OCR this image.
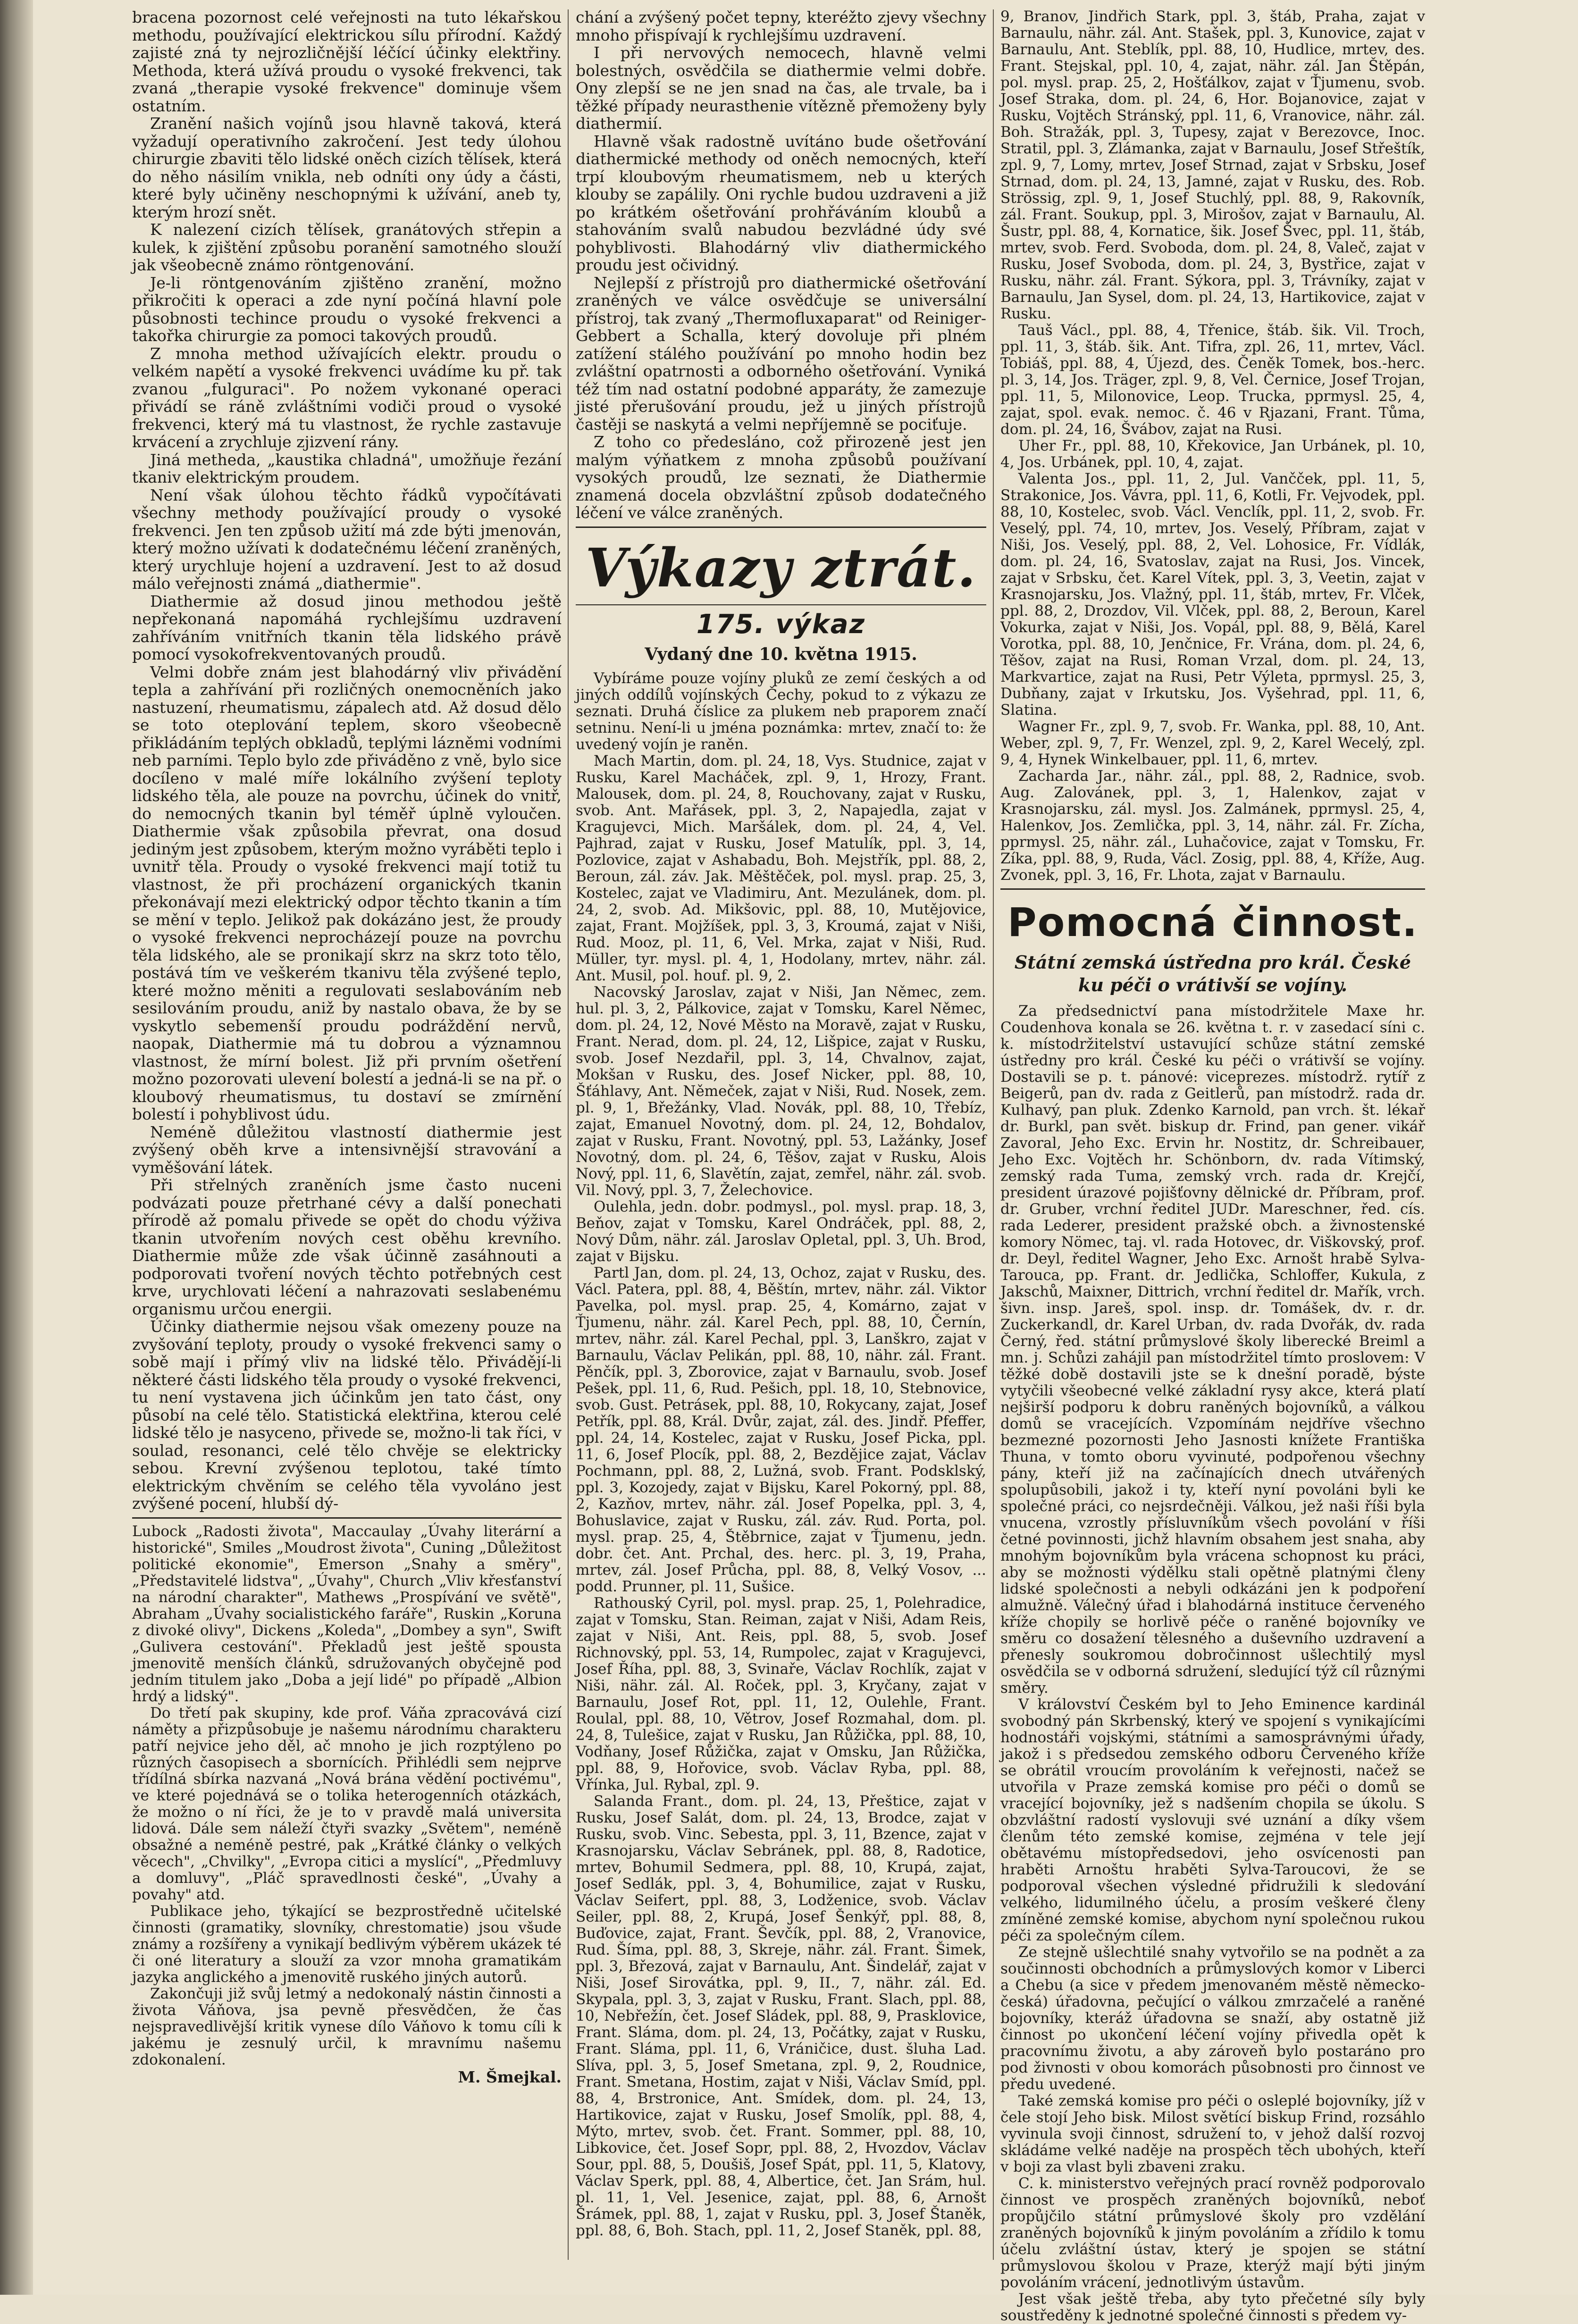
bracena pozornost celé veřejnosti na tuto lékařskou methodu, používající elektrickou sílu přírodní. Každý zajisté zná ty nejrozličnější léčící účinky elektřiny. Methoda, která užívá proudu o vysoké frekvenci, tak zvaná „therapie vysoké frekvence" dominuje všem ostatním.

Zranění našich vojínů jsou hlavně taková, která vyžadují operativního zakročení. Jest tedy úlohou chirurgie zbaviti tělo lidské oněch cizích tělísek, která do něho násilím vnikla, neb odníti ony údy a části, které byly učiněny neschopnými k užívání, aneb ty, kterým hrozí snět.

K nalezení cizích tělísek, granátových střepin a kulek, k zjištění způsobu poranění samotného slouží jak všeobecně známo röntgenování.

Je-li röntgenováním zjištěno zranění, možno přikročiti k operaci a zde nyní počíná hlavní pole působnosti techince proudu o vysoké frekvenci a takořka chirurgie za pomoci takových proudů.

Z mnoha method užívajících elektr. proudu o velkém napětí a vysoké frekvenci uvádíme ku př. tak zvanou „fulguraci". Po nožem vykonané operaci přivádí se ráně zvláštními vodiči proud o vysoké frekvenci, který má tu vlastnost, že rychle zastavuje krvácení a zrychluje zjizvení rány.

Jiná metheda, „kaustika chladná", umožňuje řezání tkaniv elektrickým proudem.

Není však úlohou těchto řádků vypočítávati všechny methody používající proudy o vysoké frekvenci. Jen ten způsob užití má zde býti jmenován, který možno užívati k dodatečnému léčení zraněných, který urychluje hojení a uzdravení. Jest to až dosud málo veřejnosti známá „diathermie".

Diathermie až dosud jinou methodou ještě nepřekonaná napomáhá rychlejšímu uzdravení zahříváním vnitřních tkanin těla lidského právě pomocí vysokofrekventovaných proudů.

Velmi dobře znám jest blahodárný vliv přivádění tepla a zahřívání při rozličných onemocněních jako nastuzení, rheumatismu, zápalech atd. Až dosud dělo se toto oteplování teplem, skoro všeobecně přikládáním teplých obkladů, teplými lázněmi vodními neb parními. Teplo bylo zde přiváděno z vně, bylo sice docíleno v malé míře lokálního zvýšení teploty lidského těla, ale pouze na povrchu, účinek do vnitř, do nemocných tkanin byl téměř úplně vyloučen. Diathermie však způsobila převrat, ona dosud jediným jest způsobem, kterým možno vyráběti teplo i uvnitř těla. Proudy o vysoké frekvenci mají totiž tu vlastnost, že při procházení organických tkanin překonávají mezi elektrický odpor těchto tkanin a tím se mění v teplo. Jelikož pak dokázáno jest, že proudy o vysoké frekvenci neprocházejí pouze na povrchu těla lidského, ale se pronikají skrz na skrz toto tělo, postává tím ve veškerém tkanivu těla zvýšené teplo, které možno měniti a regulovati seslabováním neb sesilováním proudu, aniž by nastalo obava, že by se vyskytlo sebemenší proudu podráždění nervů, naopak, Diathermie má tu dobrou a významnou vlastnost, že mírní bolest. Již při prvním ošetření možno pozorovati ulevení bolestí a jedná-li se na př. o kloubový rheumatismus, tu dostaví se zmírnění bolestí i pohyblivost údu.

Neméně důležitou vlastností diathermie jest zvýšený oběh krve a intensivnější stravování a vyměšování látek.

Při střelných zraněních jsme často nuceni podvázati pouze přetrhané cévy a další ponechati přírodě až pomalu přivede se opět do chodu výživa tkanin utvořením nových cest oběhu krevního. Diathermie může zde však účinně zasáhnouti a podporovati tvoření nových těchto potřebných cest krve, urychlovati léčení a nahrazovati seslabenému organismu určou energii.

Účinky diathermie nejsou však omezeny pouze na zvyšování teploty, proudy o vysoké frekvenci samy o sobě mají i přímý vliv na lidské tělo. Přivádějí-li některé části lidského těla proudy o vysoké frekvenci, tu není vystavena jich účinkům jen tato část, ony působí na celé tělo. Statistická elektřina, kterou celé lidské tělo je nasyceno, přivede se, možno-li tak říci, v soulad, resonanci, celé tělo chvěje se elektricky sebou. Krevní zvýšenou teplotou, také tímto elektrickým chvěním se celého těla vyvoláno jest zvýšené pocení, hlubší dý-

Lubock „Radosti života", Maccaulay „Úvahy literární a historické", Smiles „Moudrost života", Cuning „Důležitost politické ekonomie", Emerson „Snahy a směry", „Představitelé lidstva", „Úvahy", Church „Vliv křesťanství na národní charakter", Mathews „Prospívání ve světě", Abraham „Úvahy socialistického faráře", Ruskin „Koruna z divoké olivy", Dickens „Koleda", „Dombey a syn", Swift „Gulivera cestování". Překladů jest ještě spousta jmenovitě menších článků, sdružovaných obyčejně pod jedním titulem jako „Doba a její lidé" po případě „Albion hrdý a lidský".

Do třetí pak skupiny, kde prof. Váňa zpracovává cizí náměty a přizpůsobuje je našemu národnímu charakteru patří nejvice jeho děl, ač mnoho je jich rozptýleno po různých časopisech a sbornících. Přihlédli sem nejprve třídílná sbírka nazvaná „Nová brána vědění poctivému", ve které pojednává se o tolika heterogenních otázkách, že možno o ní říci, že je to v pravdě malá universita lidová. Dále sem náleží čtyři svazky „Světem", neméně obsažné a neméně pestré, pak „Krátké články o velkých věcech", „Chvilky", „Evropa citici a myslící", „Předmluvy a domluvy", „Pláč spravedlnosti české", „Úvahy a povahy" atd.

Publikace jeho, týkající se bezprostředně učitelské činnosti (gramatiky, slovníky, chrestomatie) jsou všude známy a rozšířeny a vynikají bedlivým výběrem ukázek té či oné literatury a slouží za vzor mnoha gramatikám jazyka anglického a jmenovitě ruského jiných autorů.

Zakončuji již svůj letmý a nedokonalý nástin činnosti a života Váňova, jsa pevně přesvědčen, že čas nejspravedlivější kritik vynese dílo Váňovo k tomu cíli k jakému je zesnulý určil, k mravnímu našemu zdokonalení.

M. Šmejkal.

chání a zvýšený počet tepny, kteréžto zjevy všechny mnoho přispívají k rychlejšímu uzdravení.

I při nervových nemocech, hlavně velmi bolestných, osvědčila se diathermie velmi dobře. Ony zlepší se ne jen snad na čas, ale trvale, ba i těžké případy neurasthenie vítězně přemoženy byly diathermií.

Hlavně však radostně uvítáno bude ošetřování diathermické methody od oněch nemocných, kteří trpí kloubovým rheumatismem, neb u kterých klouby se zapálily. Oni rychle budou uzdraveni a již po krátkém ošetřování prohřáváním kloubů a stahováním svalů nabudou bezvládné údy své pohyblivosti. Blahodárný vliv diathermického proudu jest očividný.

Nejlepší z přístrojů pro diathermické ošetřování zraněných ve válce osvědčuje se universální přístroj, tak zvaný „Thermofluxaparat" od Reiniger-Gebbert a Schalla, který dovoluje při plném zatížení stálého používání po mnoho hodin bez zvláštní opatrnosti a odborného ošetřování. Vyniká též tím nad ostatní podobné apparáty, že zamezuje jisté přerušování proudu, jež u jiných přístrojů častěji se naskytá a velmi nepříjemně se pociťuje.

Z toho co předesláno, což přirozeně jest jen malým výňatkem z mnoha způsobů používaní vysokých proudů, lze seznati, že Diathermie znamená docela obzvláštní způsob dodatečného léčení ve válce zraněných.

Výkazy ztrát.
175. výkaz
Vydaný dne 10. května 1915.

Vybíráme pouze vojíny pluků ze zemí českých a od jiných oddílů vojínských Čechy, pokud to z výkazu ze seznati. Druhá číslice za plukem neb praporem značí setninu. Není-li u jména poznámka: mrtev, značí to: že uvedený vojín je raněn.

Mach Martin, dom. pl. 24, 18, Vys. Studnice, zajat v Rusku, Karel Macháček, zpl. 9, 1, Hrozy, Frant. Malousek, dom. pl. 24, 8, Rouchovany, zajat v Rusku, svob. Ant. Mařásek, ppl. 3, 2, Napajedla, zajat v Kragujevci, Mich. Maršálek, dom. pl. 24, 4, Vel. Pajhrad, zajat v Rusku, Josef Matulík, ppl. 3, 14, Pozlovice, zajat v Ashabadu, Boh. Mejstřík, ppl. 88, 2, Beroun, zál. záv. Jak. Měštěček, pol. mysl. prap. 25, 3, Kostelec, zajat ve Vladimiru, Ant. Mezulánek, dom. pl. 24, 2, svob. Ad. Mikšovic, ppl. 88, 10, Mutějovice, zajat, Frant. Mojžíšek, ppl. 3, 3, Kroumá, zajat v Niši, Rud. Mooz, pl. 11, 6, Vel. Mrka, zajat v Niši, Rud. Müller, tyr. mysl. pl. 4, 1, Hodolany, mrtev, nähr. zál. Ant. Musil, pol. houf. pl. 9, 2.

Nacovský Jaroslav, zajat v Niši, Jan Němec, zem. hul. pl. 3, 2, Pálkovice, zajat v Tomsku, Karel Němec, dom. pl. 24, 12, Nové Město na Moravě, zajat v Rusku, Frant. Nerad, dom. pl. 24, 12, Lišpice, zajat v Rusku, svob. Josef Nezdařil, ppl. 3, 14, Chvalnov, zajat, Mokšan v Rusku, des. Josef Nicker, ppl. 88, 10, Šťáhlavy, Ant. Němeček, zajat v Niši, Rud. Nosek, zem. pl. 9, 1, Břežánky, Vlad. Novák, ppl. 88, 10, Třebíz, zajat, Emanuel Novotný, dom. pl. 24, 12, Bohdalov, zajat v Rusku, Frant. Novotný, ppl. 53, Lažánky, Josef Novotný, dom. pl. 24, 6, Těšov, zajat v Rusku, Alois Nový, ppl. 11, 6, Slavětín, zajat, zemřel, nähr. zál. svob. Vil. Nový, ppl. 3, 7, Želechovice.

Oulehla, jedn. dobr. podmysl., pol. mysl. prap. 18, 3, Beňov, zajat v Tomsku, Karel Ondráček, ppl. 88, 2, Nový Dům, nähr. zál. Jaroslav Opletal, ppl. 3, Uh. Brod, zajat v Bijsku.

Partl Jan, dom. pl. 24, 13, Ochoz, zajat v Rusku, des. Václ. Patera, ppl. 88, 4, Běštín, mrtev, nähr. zál. Viktor Pavelka, pol. mysl. prap. 25, 4, Komárno, zajat v Ťjumenu, nähr. zál. Karel Pech, ppl. 88, 10, Černín, mrtev, nähr. zál. Karel Pechal, ppl. 3, Lanškro, zajat v Barnaulu, Václav Pelikán, ppl. 88, 10, nähr. zál. Frant. Pěnčík, ppl. 3, Zborovice, zajat v Barnaulu, svob. Josef Pešek, ppl. 11, 6, Rud. Pešich, ppl. 18, 10, Stebnovice, svob. Gust. Petrásek, ppl. 88, 10, Rokycany, zajat, Josef Petřík, ppl. 88, Král. Dvůr, zajat, zál. des. Jindř. Pfeffer, ppl. 24, 14, Kostelec, zajat v Rusku, Josef Picka, ppl. 11, 6, Josef Plocík, ppl. 88, 2, Bezdějice zajat, Václav Pochmann, ppl. 88, 2, Lužná, svob. Frant. Podsklský, ppl. 3, Kozojedy, zajat v Bijsku, Karel Pokorný, ppl. 88, 2, Kazňov, mrtev, nähr. zál. Josef Popelka, ppl. 3, 4, Bohuslavice, zajat v Rusku, zál. záv. Rud. Porta, pol. mysl. prap. 25, 4, Štěbrnice, zajat v Ťjumenu, jedn. dobr. čet. Ant. Prchal, des. herc. pl. 3, 19, Praha, mrtev, zál. Josef Průcha, ppl. 88, 8, Velký Vosov, ... podd. Prunner, pl. 11, Sušice.

Rathouský Cyril, pol. mysl. prap. 25, 1, Polehradice, zajat v Tomsku, Stan. Reiman, zajat v Niši, Adam Reis, zajat v Niši, Ant. Reis, ppl. 88, 5, svob. Josef Richnovský, ppl. 53, 14, Rumpolec, zajat v Kragujevci, Josef Říha, ppl. 88, 3, Svinaře, Václav Rochlík, zajat v Niši, nähr. zál. Al. Roček, ppl. 3, Kryčany, zajat v Barnaulu, Josef Rot, ppl. 11, 12, Oulehle, Frant. Roulal, ppl. 88, 10, Větrov, Josef Rozmahal, dom. pl. 24, 8, Tulešice, zajat v Rusku, Jan Růžička, ppl. 88, 10, Vodňany, Josef Růžička, zajat v Omsku, Jan Růžička, ppl. 88, 9, Hořovice, svob. Václav Ryba, ppl. 88, Vřínka, Jul. Rybal, zpl. 9.

Salanda Frant., dom. pl. 24, 13, Přeštice, zajat v Rusku, Josef Salát, dom. pl. 24, 13, Brodce, zajat v Rusku, svob. Vinc. Sebesta, ppl. 3, 11, Bzence, zajat v Krasnojarsku, Václav Sebránek, ppl. 88, 8, Radotice, mrtev, Bohumil Sedmera, ppl. 88, 10, Krupá, zajat, Josef Sedlák, ppl. 3, 4, Bohumilice, zajat v Rusku, Václav Seifert, ppl. 88, 3, Lodženice, svob. Václav Seiler, ppl. 88, 2, Krupá, Josef Šenkýř, ppl. 88, 8, Buďovice, zajat, Frant. Ševčík, ppl. 88, 2, Vranovice, Rud. Šíma, ppl. 88, 3, Skreje, nähr. zál. Frant. Šimek, ppl. 3, Březová, zajat v Barnaulu, Ant. Šindelář, zajat v Niši, Josef Sirovátka, ppl. 9, II., 7, nähr. zál. Ed. Skypala, ppl. 3, 3, zajat v Rusku, Frant. Slach, ppl. 88, 10, Nebřežín, čet. Josef Sládek, ppl. 88, 9, Prasklovice, Frant. Sláma, dom. pl. 24, 13, Počátky, zajat v Rusku, Frant. Sláma, ppl. 11, 6, Vráničice, dust. šluha Lad. Slíva, ppl. 3, 5, Josef Smetana, zpl. 9, 2, Roudnice, Frant. Smetana, Hostim, zajat v Niši, Václav Smíd, ppl. 88, 4, Brstronice, Ant. Smídek, dom. pl. 24, 13, Hartikovice, zajat v Rusku, Josef Smolík, ppl. 88, 4, Mýto, mrtev, svob. čet. Frant. Sommer, ppl. 88, 10, Libkovice, čet. Josef Sopr, ppl. 88, 2, Hvozdov, Václav Sour, ppl. 88, 5, Doušiš, Josef Spát, ppl. 11, 5, Klatovy, Václav Sperk, ppl. 88, 4, Albertice, čet. Jan Srám, hul. pl. 11, 1, Vel. Jesenice, zajat, ppl. 88, 6, Arnošt Šrámek, ppl. 88, 1, zajat v Rusku, ppl. 3, Josef Štaněk, ppl. 88, 6, Boh. Stach, ppl. 11, 2, Josef Staněk, ppl. 88,

9, Branov, Jindřich Stark, ppl. 3, štáb, Praha, zajat v Barnaulu, nähr. zál. Ant. Stašek, ppl. 3, Kunovice, zajat v Barnaulu, Ant. Steblík, ppl. 88, 10, Hudlice, mrtev, des. Frant. Stejskal, ppl. 10, 4, zajat, nähr. zál. Jan Štěpán, pol. mysl. prap. 25, 2, Hošťálkov, zajat v Ťjumenu, svob. Josef Straka, dom. pl. 24, 6, Hor. Bojanovice, zajat v Rusku, Vojtěch Stránský, ppl. 11, 6, Vranovice, nähr. zál. Boh. Stražák, ppl. 3, Tupesy, zajat v Berezovce, Inoc. Stratil, ppl. 3, Zlámanka, zajat v Barnaulu, Josef Střeštík, zpl. 9, 7, Lomy, mrtev, Josef Strnad, zajat v Srbsku, Josef Strnad, dom. pl. 24, 13, Jamné, zajat v Rusku, des. Rob. Strössig, zpl. 9, 1, Josef Stuchlý, ppl. 88, 9, Rakovník, zál. Frant. Soukup, ppl. 3, Mirošov, zajat v Barnaulu, Al. Šustr, ppl. 88, 4, Kornatice, šik. Josef Švec, ppl. 11, štáb, mrtev, svob. Ferd. Svoboda, dom. pl. 24, 8, Valeč, zajat v Rusku, Josef Svoboda, dom. pl. 24, 3, Bystřice, zajat v Rusku, nähr. zál. Frant. Sýkora, ppl. 3, Trávníky, zajat v Barnaulu, Jan Sysel, dom. pl. 24, 13, Hartikovice, zajat v Rusku.

Tauš Václ., ppl. 88, 4, Třenice, štáb. šik. Vil. Troch, ppl. 11, 3, štáb. šik. Ant. Tifra, zpl. 26, 11, mrtev, Václ. Tobiáš, ppl. 88, 4, Újezd, des. Čeněk Tomek, bos.-herc. pl. 3, 14, Jos. Träger, zpl. 9, 8, Vel. Černice, Josef Trojan, ppl. 11, 5, Milonovice, Leop. Trucka, pprmysl. 25, 4, zajat, spol. evak. nemoc. č. 46 v Rjazani, Frant. Tůma, dom. pl. 24, 16, Švábov, zajat na Rusi.

Uher Fr., ppl. 88, 10, Křekovice, Jan Urbánek, pl. 10, 4, Jos. Urbánek, ppl. 10, 4, zajat.

Valenta Jos., ppl. 11, 2, Jul. Vančček, ppl. 11, 5, Strakonice, Jos. Vávra, ppl. 11, 6, Kotli, Fr. Vejvodek, ppl. 88, 10, Kostelec, svob. Václ. Venclík, ppl. 11, 2, svob. Fr. Veselý, ppl. 74, 10, mrtev, Jos. Veselý, Příbram, zajat v Niši, Jos. Veselý, ppl. 88, 2, Vel. Lohosice, Fr. Vídlák, dom. pl. 24, 16, Svatoslav, zajat na Rusi, Jos. Vincek, zajat v Srbsku, čet. Karel Vítek, ppl. 3, 3, Veetin, zajat v Krasnojarsku, Jos. Vlažný, ppl. 11, štáb, mrtev, Fr. Vlček, ppl. 88, 2, Drozdov, Vil. Vlček, ppl. 88, 2, Beroun, Karel Vokurka, zajat v Niši, Jos. Vopál, ppl. 88, 9, Bělá, Karel Vorotka, ppl. 88, 10, Jenčnice, Fr. Vrána, dom. pl. 24, 6, Těšov, zajat na Rusi, Roman Vrzal, dom. pl. 24, 13, Markvartice, zajat na Rusi, Petr Výleta, pprmysl. 25, 3, Dubňany, zajat v Irkutsku, Jos. Vyšehrad, ppl. 11, 6, Slatina.

Wagner Fr., zpl. 9, 7, svob. Fr. Wanka, ppl. 88, 10, Ant. Weber, zpl. 9, 7, Fr. Wenzel, zpl. 9, 2, Karel Wecelý, zpl. 9, 4, Hynek Winkelbauer, ppl. 11, 6, mrtev.

Zacharda Jar., nähr. zál., ppl. 88, 2, Radnice, svob. Aug. Zalovánek, ppl. 3, 1, Halenkov, zajat v Krasnojarsku, zál. mysl. Jos. Zalmánek, pprmysl. 25, 4, Halenkov, Jos. Zemlička, ppl. 3, 14, nähr. zál. Fr. Zícha, pprmysl. 25, nähr. zál., Luhačovice, zajat v Tomsku, Fr. Zíka, ppl. 88, 9, Ruda, Václ. Zosig, ppl. 88, 4, Kříže, Aug. Zvonek, ppl. 3, 16, Fr. Lhota, zajat v Barnaulu.

Pomocná činnost.
Státní zemská ústředna pro král. České ku péči o vrátivší se vojíny.

Za předsednictví pana místodržitele Maxe hr. Coudenhova konala se 26. května t. r. v zasedací síni c. k. místodržitelství ustavující schůze státní zemské ústředny pro král. České ku péči o vrátivší se vojíny. Dostavili se p. t. pánové: viceprezes. místodrž. rytíř z Beigerů, pan dv. rada z Geitlerů, pan místodrž. rada dr. Kulhavý, pan pluk. Zdenko Karnold, pan vrch. št. lékař dr. Burkl, pan svět. biskup dr. Frind, pan gener. vikář Zavoral, Jeho Exc. Ervin hr. Nostitz, dr. Schreibauer, Jeho Exc. Vojtěch hr. Schönborn, dv. rada Vítimský, zemský rada Tuma, zemský vrch. rada dr. Krejčí, president úrazové pojišťovny dělnické dr. Příbram, prof. dr. Gruber, vrchní ředitel JUDr. Mareschner, řed. cís. rada Lederer, president pražské obch. a živnostenské komory Nömec, taj. vl. rada Hotovec, dr. Viškovský, prof. dr. Deyl, ředitel Wagner, Jeho Exc. Arnošt hrabě Sylva-Tarouca, pp. Frant. dr. Jedlička, Schloffer, Kukula, z Jakschů, Maixner, Dittrich, vrchní ředitel dr. Mařík, vrch. šivn. insp. Jareš, spol. insp. dr. Tomášek, dv. r. dr. Zuckerkandl, dr. Karel Urban, dv. rada Dvořák, dv. rada Černý, řed. státní průmyslové školy liberecké Breiml a mn. j. Schůzi zahájil pan místodržitel tímto proslovem: V těžké době dostavili jste se k dnešní poradě, býste vytyčili všeobecné velké základní rysy akce, která platí nejširší podporu k dobru raněných bojovníků, a válkou domů se vracejících. Vzpomínám nejdříve všechno bezmezné pozornosti Jeho Jasnosti knížete Františka Thuna, v tomto oboru vyvinuté, podpořenou všechny pány, kteří již na začínajících dnech utvářených spolupůsobili, jakož i ty, kteří nyní povoláni byli ke společné práci, co nejsrdečněji. Válkou, jež naši říši byla vnucena, vzrostly přísluvníkům všech povolání v říši četné povinnosti, jichž hlavním obsahem jest snaha, aby mnohým bojovníkům byla vrácena schopnost ku práci, aby se možnosti výdělku stali opětně platnými členy lidské společnosti a nebyli odkázáni jen k podpoření almužně. Válečný úřad i blahodárná instituce červeného kříže chopily se horlivě péče o raněné bojovníky ve směru co dosažení tělesného a duševního uzdravení a přenesly soukromou dobročinnost ušlechtilý mysl osvědčila se v odborná sdružení, sledující týž cíl různými směry.

V království Českém byl to Jeho Eminence kardinál svobodný pán Skrbenský, který ve spojení s vynikajícími hodnostáři vojskými, státními a samosprávnými úřady, jakož i s předsedou zemského odboru Červeného kříže se obrátil vroucím provoláním k veřejnosti, načež se utvořila v Praze zemská komise pro péči o domů se vracející bojovníky, jež s nadšením chopila se úkolu. S obzvláštní radostí vyslovuji své uznání a díky všem členům této zemské komise, zejména v tele její obětavému místopředsedovi, jeho osvícenosti pan hraběti Arnoštu hraběti Sylva-Taroucovi, že se podporoval všechen výsledné přidružili k sledování velkého, lidumilného účelu, a prosím veškeré členy zmíněné zemské komise, abychom nyní společnou rukou péči za společným cílem.

Ze stejně ušlechtilé snahy vytvořilo se na podnět a za součinnosti obchodních a průmyslových komor v Liberci a Chebu (a sice v předem jmenovaném městě německo-česká) úřadovna, pečující o válkou zmrzačelé a raněné bojovníky, kteráž úřadovna se snaží, aby ostatně již činnost po ukončení léčení vojíny přivedla opět k pracovnímu životu, a aby zároveň bylo postaráno pro pod živnosti v obou komorách působnosti pro činnost ve předu uvedené.

Také zemská komise pro péči o osleplé bojovníky, jíž v čele stojí Jeho bisk. Milost světící biskup Frind, rozsáhlo vyvinula svoji činnost, sdružení to, v jehož další rozvoj skládáme velké naděje na prospěch těch ubohých, kteří v boji za vlast byli zbaveni zraku.

C. k. ministerstvo veřejných prací rovněž podporovalo činnost ve prospěch zraněných bojovníků, neboť propůjčilo státní průmyslové školy pro vzdělání zraněných bojovníků k jiným povoláním a zřídilo k tomu účelu zvláštní ústav, který je spojen se státní průmyslovou školou v Praze, kterýž mají býti jiným povoláním vrácení, jednotlivým ústavům.

Jest však ještě třeba, aby tyto přečetné síly byly soustředěny k jednotné společné činnosti s předem vy-
